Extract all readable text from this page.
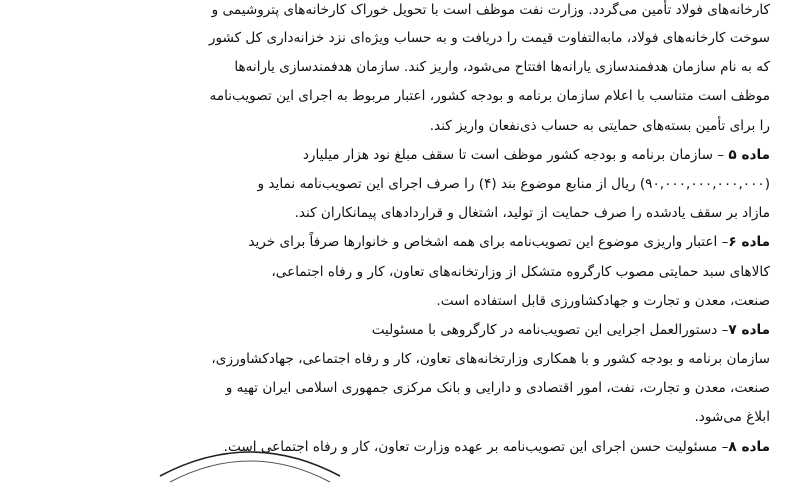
کارخانه‌های فولاد تأمین می‌گردد. وزارت نفت موظف است با تحویل خوراک کارخانه‌های پتروشیمی و
سوخت کارخانه‌های فولاد، مابه‌التفاوت قیمت را دریافت و به حساب ویژه‌ای نزد خزانه‌داری کل کشور
که به نام سازمان هدفمندسازی یارانه‌ها افتتاح می‌شود، واریز کند. سازمان هدفمندسازی یارانه‌ها
موظف است متناسب با اعلام سازمان برنامه و بودجه کشور، اعتبار مربوط به اجرای این تصویب‌نامه
را برای تأمین بسته‌های حمایتی به حساب ذی‌نفعان واریز کند.
ماده ۵ – سازمان برنامه و بودجه کشور موظف است تا سقف مبلغ نود هزار میلیارد
(۹۰,۰۰۰,۰۰۰,۰۰۰,۰۰۰) ریال از منابع موضوع بند (۴) را صرف اجرای این تصویب‌نامه نماید و
مازاد بر سقف یادشده را صرف حمایت از تولید، اشتغال و قراردادهای پیمانکاران کند.
ماده ۶– اعتبار واریزی موضوع این تصویب‌نامه برای همه اشخاص و خانوارها صرفاً برای خرید
کالاهای سبد حمایتی مصوب کارگروه متشکل از وزارتخانه‌های تعاون، کار و رفاه اجتماعی،
صنعت، معدن و تجارت و جهادکشاورزی قابل استفاده است.
ماده ۷– دستورالعمل اجرایی این تصویب‌نامه در کارگروهی با مسئولیت
سازمان برنامه و بودجه کشور و با همکاری وزارتخانه‌های تعاون، کار و رفاه اجتماعی، جهادکشاورزی،
صنعت، معدن و تجارت، نفت، امور اقتصادی و دارایی و بانک مرکزی جمهوری اسلامی ایران تهیه و
ابلاغ می‌شود.
ماده ۸– مسئولیت حسن اجرای این تصویب‌نامه بر عهده وزارت تعاون، کار و رفاه اجتماعی است.
